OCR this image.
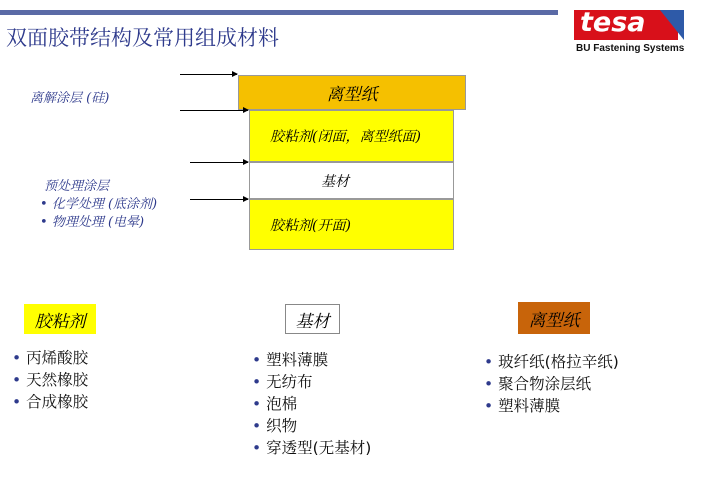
双面胶带结构及常用组成材料	tesa
BU Fastening Systems
离型纸
胶粘剂(闭面，离型纸面)
基材
胶粘剂(开面)
离解涂层 (硅)
预处理涂层
• 化学处理 (底涂剂)
• 物理处理 (电晕)
胶粘剂	基材	离型纸
• 丙烯酸胶
• 天然橡胶
• 合成橡胶
• 塑料薄膜
• 无纺布
• 泡棉
• 织物
• 穿透型(无基材)
• 玻纤纸(格拉辛纸)
• 聚合物涂层纸
• 塑料薄膜
